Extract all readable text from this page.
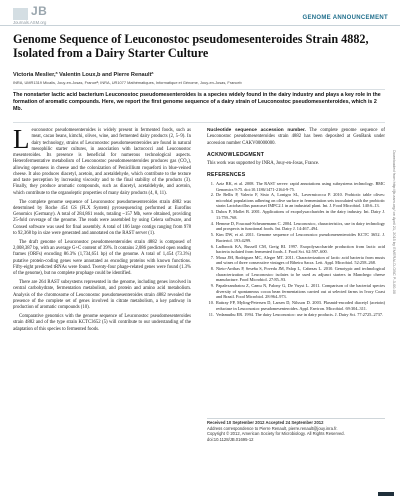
JB
Journals.ASM.org
GENOME ANNOUNCEMENT
Genome Sequence of Leuconostoc pseudomesenteroides Strain 4882, Isolated from a Dairy Starter Culture
Victoria Meslier,ª Valentin Loux,b and Pierre Renaultª
INRA, UMR1319 Micalis, Jouy-en-Josas, Franceª; INRA, UR1077 Mathématiques, Informatique et Génome, Jouy-en-Josas, Franceb
The nonstarter lactic acid bacterium Leuconostoc pseudomesenteroides is a species widely found in the dairy industry and plays a key role in the formation of aromatic compounds. Here, we report the first genome sequence of a dairy strain of Leuconostoc pseudomesenteroides, which is 2 Mb.

Leuconostoc pseudomesenteroides is widely present in fermented foods, such as meat, cacao beans, kimchi, olives, wine, and fermented dairy products (2, 5–9). In dairy technology, strains of Leuconostoc pseudomesenteroides are found in natural mesophilic starter cultures, in association with lactococci and Leuconostoc mesenteroides. Its presence is beneficial for numerous technological aspects. Heterofermentative metabolism of Leuconostoc pseudomesenteroides produces gas (CO₂), allowing openness in cheese and the colonization of Penicillium roqueforti in blue-veined cheese. It also produces diacetyl, acetoin, and acetaldehyde, which contribute to the texture and taste perception by increasing viscosity and to the final stability of the products (3). Finally, they produce aromatic compounds, such as diacetyl, acetaldehyde, and acetoin, which contribute to the organoleptic properties of many dairy products (4, 8, 11).

The complete genome sequence of Leuconostoc pseudomesenteroides strain 4882 was determined by Roche 454 GS (FLX System) pyrosequencing performed at Eurofins Genomics (Germany). A total of 284,861 reads, totaling ~157 Mb, were obtained, providing 25-fold coverage of the genome. The reads were assembled by using Celera software, and Consed software was used for final assembly. A total of 106 large contigs ranging from 978 to 92,368 bp in size were generated and annotated on the RAST server (1).

The draft genome of Leuconostoc pseudomesenteroides strain 4882 is composed of 2,008,387 bp, with an average G+C content of 39%. It contains 2,086 predicted open reading frames (ORFs) encoding 86.3% (1,734,651 bp) of the genome. A total of 1,454 (73.3%) putative protein-coding genes were annotated as encoding proteins with known functions. Fifty-eight predicted tRNAs were found. Twenty-four phage-related genes were found (1.3% of the genome), but no complete prophage could be identified.

There are 264 RAST subsystems represented in the genome, including genes involved in central carbohydrate, fermentation metabolism, and protein and amino acid metabolism. Analysis of the chromosome of Leuconostoc pseudomesenteroides strain 4882 revealed the presence of the complete set of genes involved in citrate metabolism, a key pathway in production of aromatic compounds (10).

Comparative genomics with the genome sequence of Leuconostoc pseudomesenteroides strain 4882 and of the type strain KCTC3652 (5) will contribute to our understanding of the adaptation of this species to fermented foods.

Nucleotide sequence accession number. The complete genome sequence of Leuconostoc pseudomesenteroides strain 4882 has been deposited at GenBank under accession number CAKV00000000.

ACKNOWLEDGMENT

This work was supported by INRA, Jouy-en-Josas, France.

REFERENCES
1. Aziz RK, et al. 2008. The RAST server: rapid annotations using subsystems technology. BMC Genomics 9:75. doi:10.1186/1471-2164-9-75.
2. De Bellis P, Valerio F, Sisto A, Lonigro SL, Lavermicocca P. 2010. Probiotic table olives: microbial populations adhering on olive surface in fermentation sets inoculated with the probiotic strain Lactobacillus paracasei IMPC2.1 in an industrial plant. Int. J. Food Microbiol. 140:6–13.
3. Dubos P, Mollet B. 2001. Applications of exopolysaccharides in the dairy industry. Int. Dairy J. 11:759–768.
4. Hemme D, Foucaud-Scheunemann C. 2004. Leuconostoc, characteristics, use in dairy technology and prospects in functional foods. Int. Dairy J. 14:467–494.
5. Kim DW, et al. 2011. Genome sequence of Leuconostoc pseudomesenteroides KCTC 3652. J. Bacteriol. 193:4299.
6. Ladbrook KA, Russell CM, Greig RI. 1997. Exopolysaccharide production from lactic acid bacteria isolated from fermented foods. J. Food Sci. 62:597–600.
7. Moua JM, Rodriguez MC, Alegre MT. 2011. Characterization of lactic acid bacteria from musts and wines of three consecutive vintages of Ribeira Sacra. Lett. Appl. Microbiol. 52:258–268.
8. Nieto-Arribas P, Seseña S, Poveda JM, Palop L, Cabezas L. 2010. Genotypic and technological characterization of Leuconostoc isolates to be used as adjunct starters in Manchego cheese manufacture. Food Microbiol. 27:85–93.
9. Papalexandratou Z, Camu N, Falony G, De Vuyst L. 2011. Comparison of the bacterial species diversity of spontaneous cocoa bean fermentations carried out at selected farms in Ivory Coast and Brazil. Food Microbiol. 28:964–973.
10. Rattray FP, Myling-Petersen D, Larsen D, Nilsson D. 2003. Plasmid-encoded diacetyl (acetoin) reductase in Leuconostoc pseudomesenteroides. Appl. Environ. Microbiol. 69:304–311.
11. Vedamuthu ER. 1994. The dairy Leuconostoc: use in dairy products. J. Dairy Sci. 77:2725–2737.
Received 10 September 2012 Accepted 24 September 2012
Address correspondence to Pierre Renault, pierre.renault@jouy.inra.fr.
Copyright © 2012, American Society for Microbiology. All Rights Reserved.
doi:10.1128/JB.01695-12
Downloaded from http://jb.asm.org/ on April 21, 2015 by EMERALD-OBC P-3-00-00
